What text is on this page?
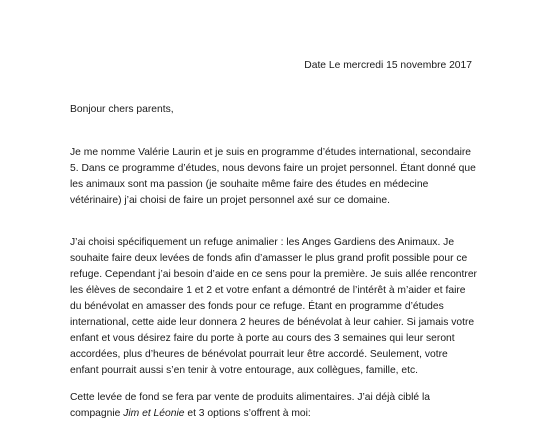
Date Le mercredi 15 novembre 2017
Bonjour chers parents,
Je me nomme Valérie Laurin et je suis en programme d’études international, secondaire
5. Dans ce programme d’études, nous devons faire un projet personnel. Étant donné que
les animaux sont ma passion (je souhaite même faire des études en médecine
vétérinaire) j’ai choisi de faire un projet personnel axé sur ce domaine.
J’ai choisi spécifiquement un refuge animalier : les Anges Gardiens des Animaux. Je
souhaite faire deux levées de fonds afin d’amasser le plus grand profit possible pour ce
refuge. Cependant j’ai besoin d’aide en ce sens pour la première. Je suis allée rencontrer
les élèves de secondaire 1 et 2 et votre enfant a démontré de l’intérêt à m’aider et faire
du bénévolat en amasser des fonds pour ce refuge. Étant en programme d’études
international, cette aide leur donnera 2 heures de bénévolat à leur cahier. Si jamais votre
enfant et vous désirez faire du porte à porte au cours des 3 semaines qui leur seront
accordées, plus d’heures de bénévolat pourrait leur être accordé. Seulement, votre
enfant pourrait aussi s’en tenir à votre entourage, aux collègues, famille, etc.
Cette levée de fond se fera par vente de produits alimentaires. J’ai déjà ciblé la
compagnie Jim et Léonie et 3 options s’offrent à moi:
